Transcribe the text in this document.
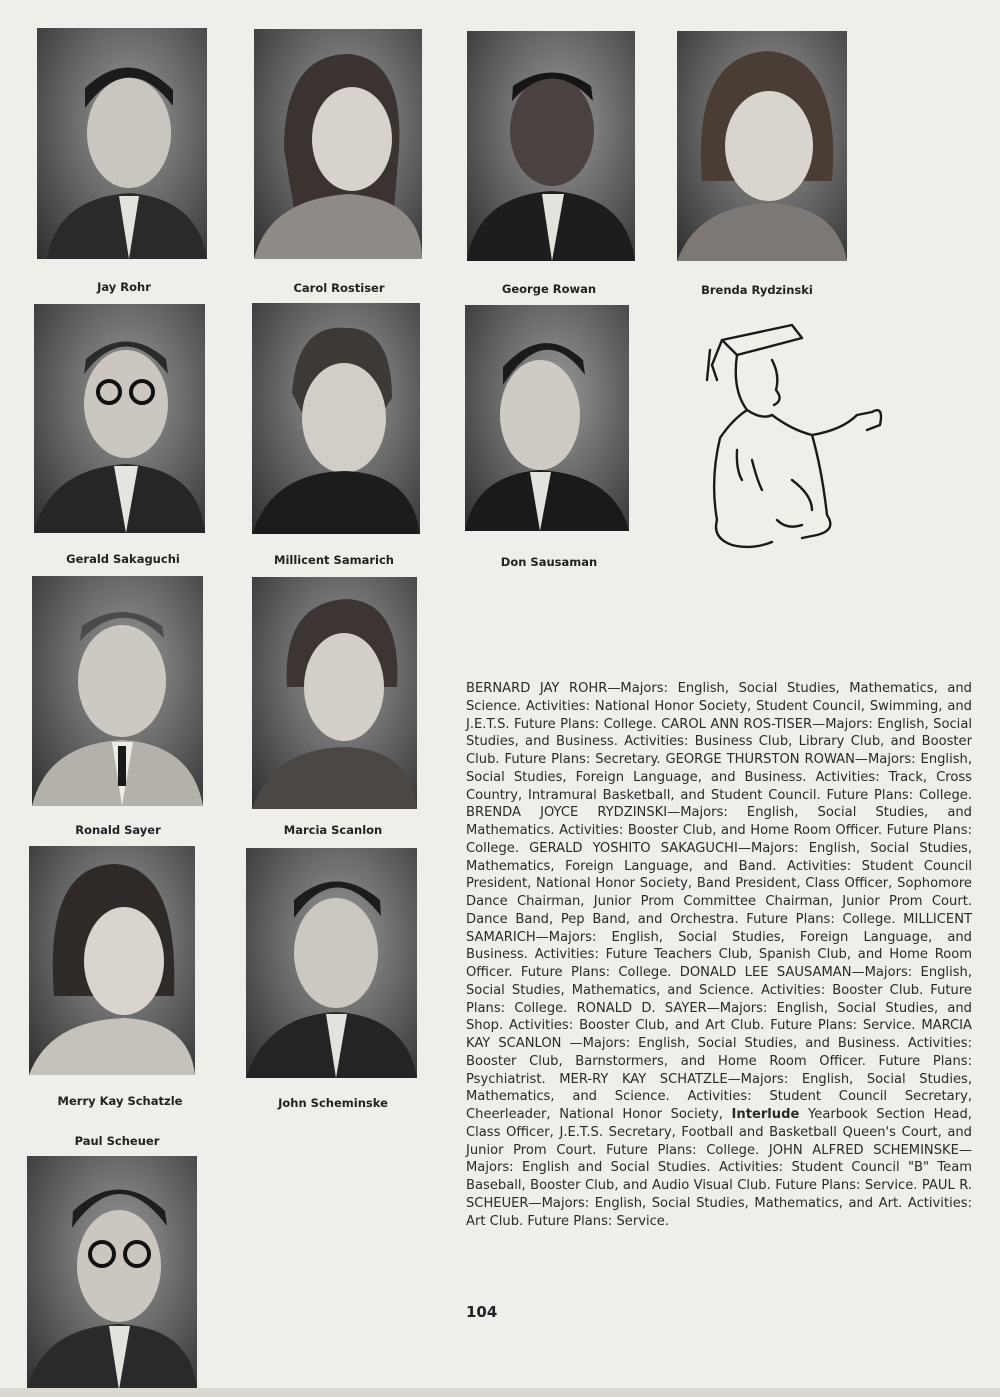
Jay Rohr	Carol Rostiser	George Rowan	Brenda Rydzinski
Gerald Sakaguchi	Millicent Samarich	Don Sausaman
Ronald Sayer	Marcia Scanlon
Merry Kay Schatzle	John Scheminske
Paul Scheuer
BERNARD JAY ROHR—Majors: English, Social Studies, Mathematics, and Science. Activities: National Honor Society, Student Council, Swimming, and J.E.T.S. Future Plans: College. CAROL ANN ROS-TISER—Majors: English, Social Studies, and Business. Activities: Business Club, Library Club, and Booster Club. Future Plans: Secretary. GEORGE THURSTON ROWAN—Majors: English, Social Studies, Foreign Language, and Business. Activities: Track, Cross Country, Intramural Basketball, and Student Council. Future Plans: College. BRENDA JOYCE RYDZINSKI—Majors: English, Social Studies, and Mathematics. Activities: Booster Club, and Home Room Officer. Future Plans: College. GERALD YOSHITO SAKAGUCHI—Majors: English, Social Studies, Mathematics, Foreign Language, and Band. Activities: Student Council President, National Honor Society, Band President, Class Officer, Sophomore Dance Chairman, Junior Prom Committee Chairman, Junior Prom Court. Dance Band, Pep Band, and Orchestra. Future Plans: College. MILLICENT SAMARICH—Majors: English, Social Studies, Foreign Language, and Business. Activities: Future Teachers Club, Spanish Club, and Home Room Officer. Future Plans: College. DONALD LEE SAUSAMAN—Majors: English, Social Studies, Mathematics, and Science. Activities: Booster Club. Future Plans: College. RONALD D. SAYER—Majors: English, Social Studies, and Shop. Activities: Booster Club, and Art Club. Future Plans: Service. MARCIA KAY SCANLON —Majors: English, Social Studies, and Business. Activities: Booster Club, Barnstormers, and Home Room Officer. Future Plans: Psychiatrist. MER-RY KAY SCHATZLE—Majors: English, Social Studies, Mathematics, and Science. Activities: Student Council Secretary, Cheerleader, National Honor Society, Interlude Yearbook Section Head, Class Officer, J.E.T.S. Secretary, Football and Basketball Queen's Court, and Junior Prom Court. Future Plans: College. JOHN ALFRED SCHEMINSKE—Majors: English and Social Studies. Activities: Student Council "B" Team Baseball, Booster Club, and Audio Visual Club. Future Plans: Service. PAUL R. SCHEUER—Majors: English, Social Studies, Mathematics, and Art. Activities: Art Club. Future Plans: Service.
104
